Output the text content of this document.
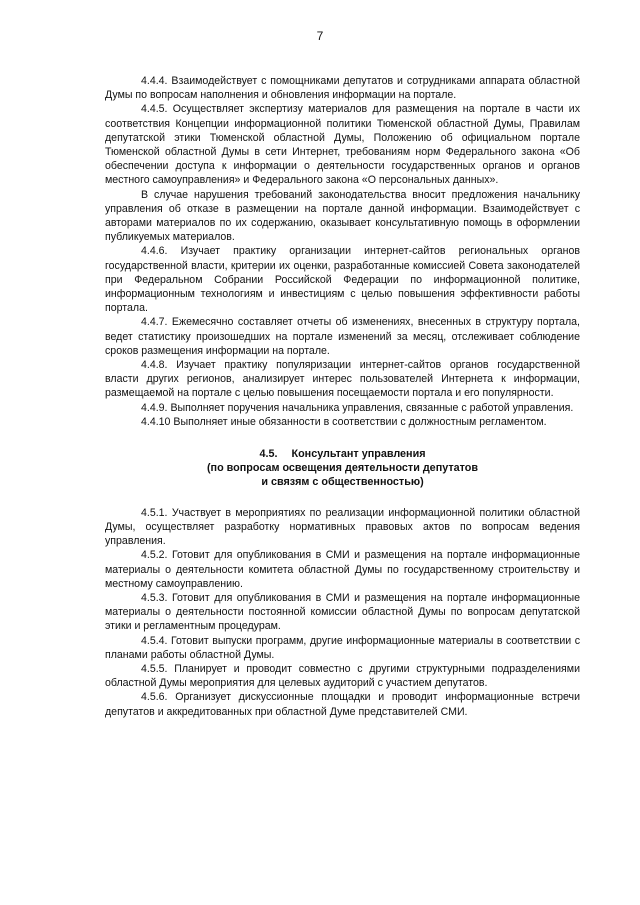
7

4.4.4. Взаимодействует с помощниками депутатов и сотрудниками аппарата областной Думы по вопросам наполнения и обновления информации на портале.

4.4.5. Осуществляет экспертизу материалов для размещения на портале в части их соответствия Концепции информационной политики Тюменской областной Думы, Правилам депутатской этики Тюменской областной Думы, Положению об официальном портале Тюменской областной Думы в сети Интернет, требованиям норм Федерального закона «Об обеспечении доступа к информации о деятельности государственных органов и органов местного самоуправления» и Федерального закона «О персональных данных».

В случае нарушения требований законодательства вносит предложения начальнику управления об отказе в размещении на портале данной информации. Взаимодействует с авторами материалов по их содержанию, оказывает консультативную помощь в оформлении публикуемых материалов.

4.4.6. Изучает практику организации интернет-сайтов региональных органов государственной власти, критерии их оценки, разработанные комиссией Совета законодателей при Федеральном Собрании Российской Федерации по информационной политике, информационным технологиям и инвестициям с целью повышения эффективности работы портала.

4.4.7. Ежемесячно составляет отчеты об изменениях, внесенных в структуру портала, ведет статистику произошедших на портале изменений за месяц, отслеживает соблюдение сроков размещения информации на портале.

4.4.8. Изучает практику популяризации интернет-сайтов органов государственной власти других регионов, анализирует интерес пользователей Интернета к информации, размещаемой на портале с целью повышения посещаемости портала и его популярности.

4.4.9. Выполняет поручения начальника управления, связанные с работой управления.

4.4.10 Выполняет иные обязанности в соответствии с должностным регламентом.

4.5. Консультант управления
(по вопросам освещения деятельности депутатов
и связям с общественностью)

4.5.1. Участвует в мероприятиях по реализации информационной политики областной Думы, осуществляет разработку нормативных правовых актов по вопросам ведения управления.

4.5.2. Готовит для опубликования в СМИ и размещения на портале информационные материалы о деятельности комитета областной Думы по государственному строительству и местному самоуправлению.

4.5.3. Готовит для опубликования в СМИ и размещения на портале информационные материалы о деятельности постоянной комиссии областной Думы по вопросам депутатской этики и регламентным процедурам.

4.5.4. Готовит выпуски программ, другие информационные материалы в соответствии с планами работы областной Думы.

4.5.5. Планирует и проводит совместно с другими структурными подразделениями областной Думы мероприятия для целевых аудиторий с участием депутатов.

4.5.6. Организует дискуссионные площадки и проводит информационные встречи депутатов и аккредитованных при областной Думе представителей СМИ.
